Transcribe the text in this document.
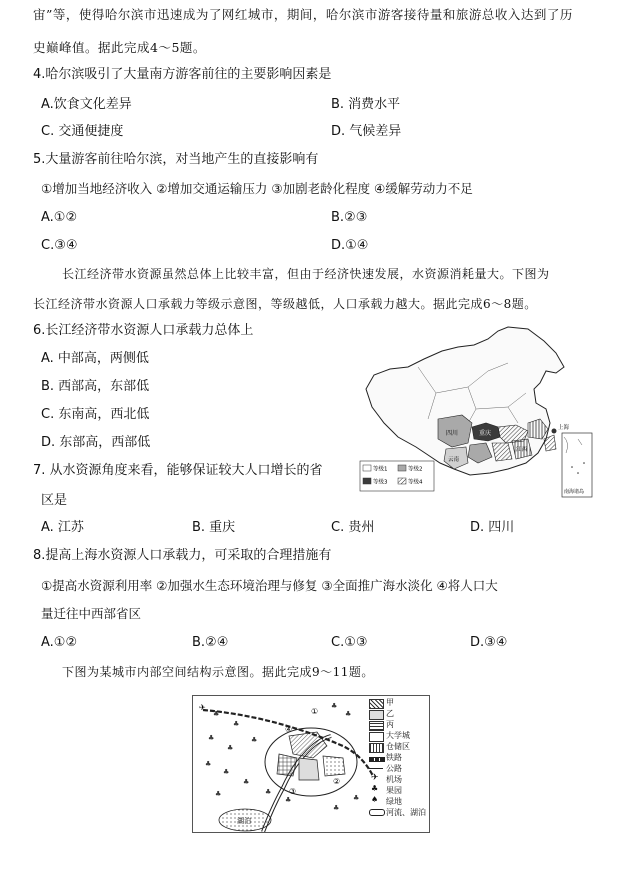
宙”等，使得哈尔滨市迅速成为了网红城市，期间，哈尔滨市游客接待量和旅游总收入达到了历
史巅峰值。据此完成4～5题。
4.哈尔滨吸引了大量南方游客前往的主要影响因素是
A.饮食文化差异	B. 消费水平
C. 交通便捷度	D. 气候差异
5.大量游客前往哈尔滨，对当地产生的直接影响有
①增加当地经济收入 ②增加交通运输压力 ③加剧老龄化程度 ④缓解劳动力不足
A.①②	B.②③
C.③④	D.①④
长江经济带水资源虽然总体上比较丰富，但由于经济快速发展，水资源消耗量大。下图为
长江经济带水资源人口承载力等级示意图，等级越低，人口承载力越大。据此完成6～8题。
6.长江经济带水资源人口承载力总体上
A. 中部高，两侧低
B. 西部高，东部低
C. 东南高，西北低
D. 东部高，西部低
7. 从水资源角度来看，能够保证较大人口增长的省
区是
A. 江苏	B. 重庆	C. 贵州	D. 四川
8.提高上海水资源人口承载力，可采取的合理措施有
①提高水资源利用率 ②加强水生态环境治理与修复 ③全面推广海水淡化 ④将人口大
量迁往中西部省区
A.①②	B.②④	C.①③	D.③④
下图为某城市内部空间结构示意图。据此完成9～11题。
四川	重庆
云南
江西
上海
等级1	等级2
等级3	等级4
南海诸岛
♣
♣
♣
♣
♣
♣
♣
♣
♣	♣
♣
♣
♣
♣
♣
湖泊
✈	①
②
③
④
甲
乙
丙
大学城
仓储区
铁路
公路
✈ 机场
♣ 果园
♠ 绿地
河流、湖泊
